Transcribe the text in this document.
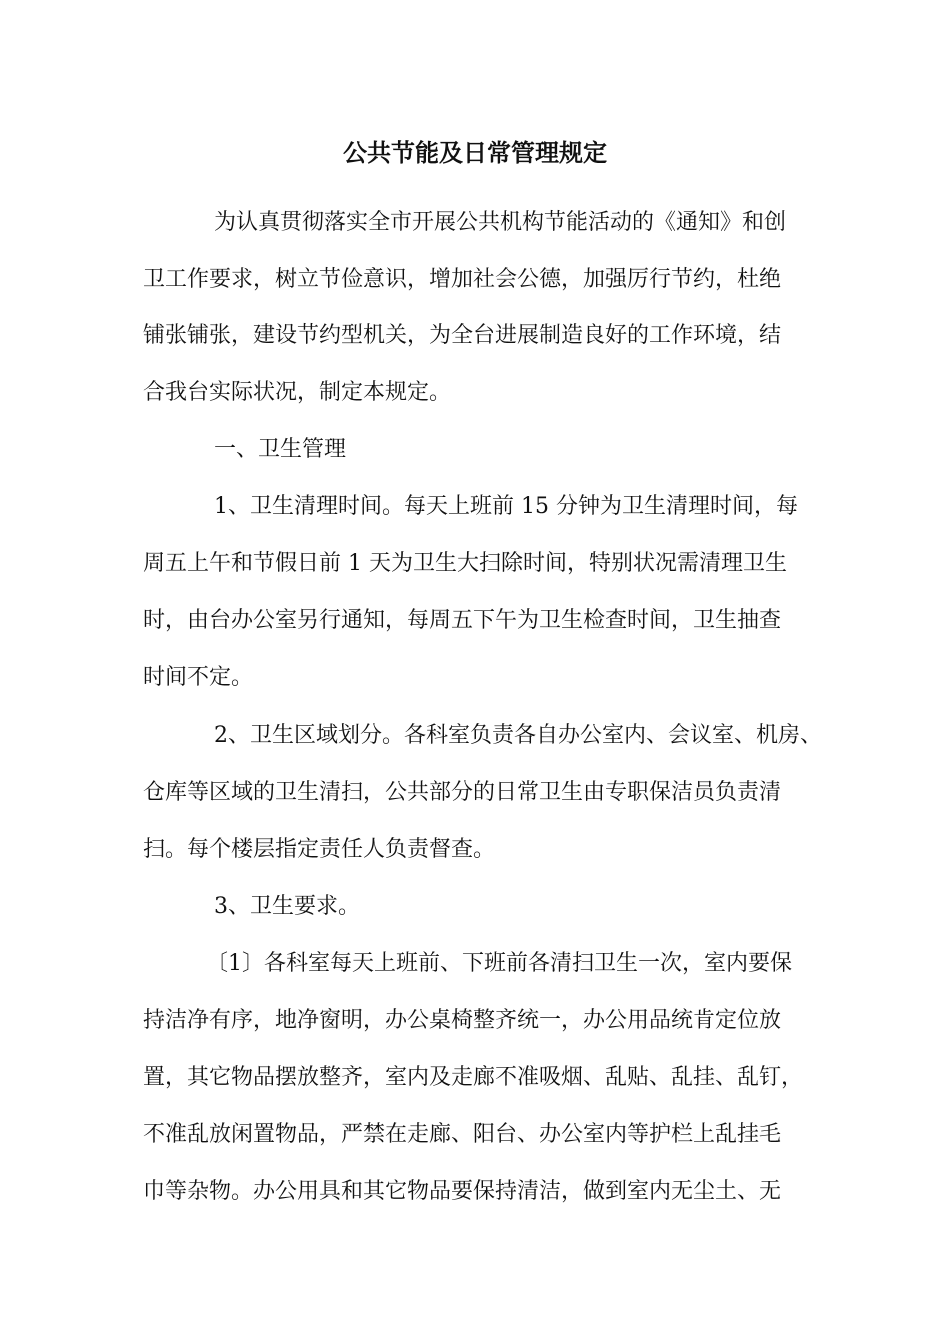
公共节能及日常管理规定
为认真贯彻落实全市开展公共机构节能活动的《通知》和创
卫工作要求，树立节俭意识，增加社会公德，加强厉行节约，杜绝
铺张铺张，建设节约型机关，为全台进展制造良好的工作环境，结
合我台实际状况，制定本规定。
一、卫生管理
1、卫生清理时间。每天上班前 15 分钟为卫生清理时间，每
周五上午和节假日前 1 天为卫生大扫除时间，特别状况需清理卫生
时，由台办公室另行通知，每周五下午为卫生检查时间，卫生抽查
时间不定。
2、卫生区域划分。各科室负责各自办公室内、会议室、机房、
仓库等区域的卫生清扫，公共部分的日常卫生由专职保洁员负责清
扫。每个楼层指定责任人负责督查。
3、卫生要求。
〔1〕各科室每天上班前、下班前各清扫卫生一次，室内要保
持洁净有序，地净窗明，办公桌椅整齐统一，办公用品统肯定位放
置，其它物品摆放整齐，室内及走廊不准吸烟、乱贴、乱挂、乱钉，
不准乱放闲置物品，严禁在走廊、阳台、办公室内等护栏上乱挂毛
巾等杂物。办公用具和其它物品要保持清洁，做到室内无尘土、无
